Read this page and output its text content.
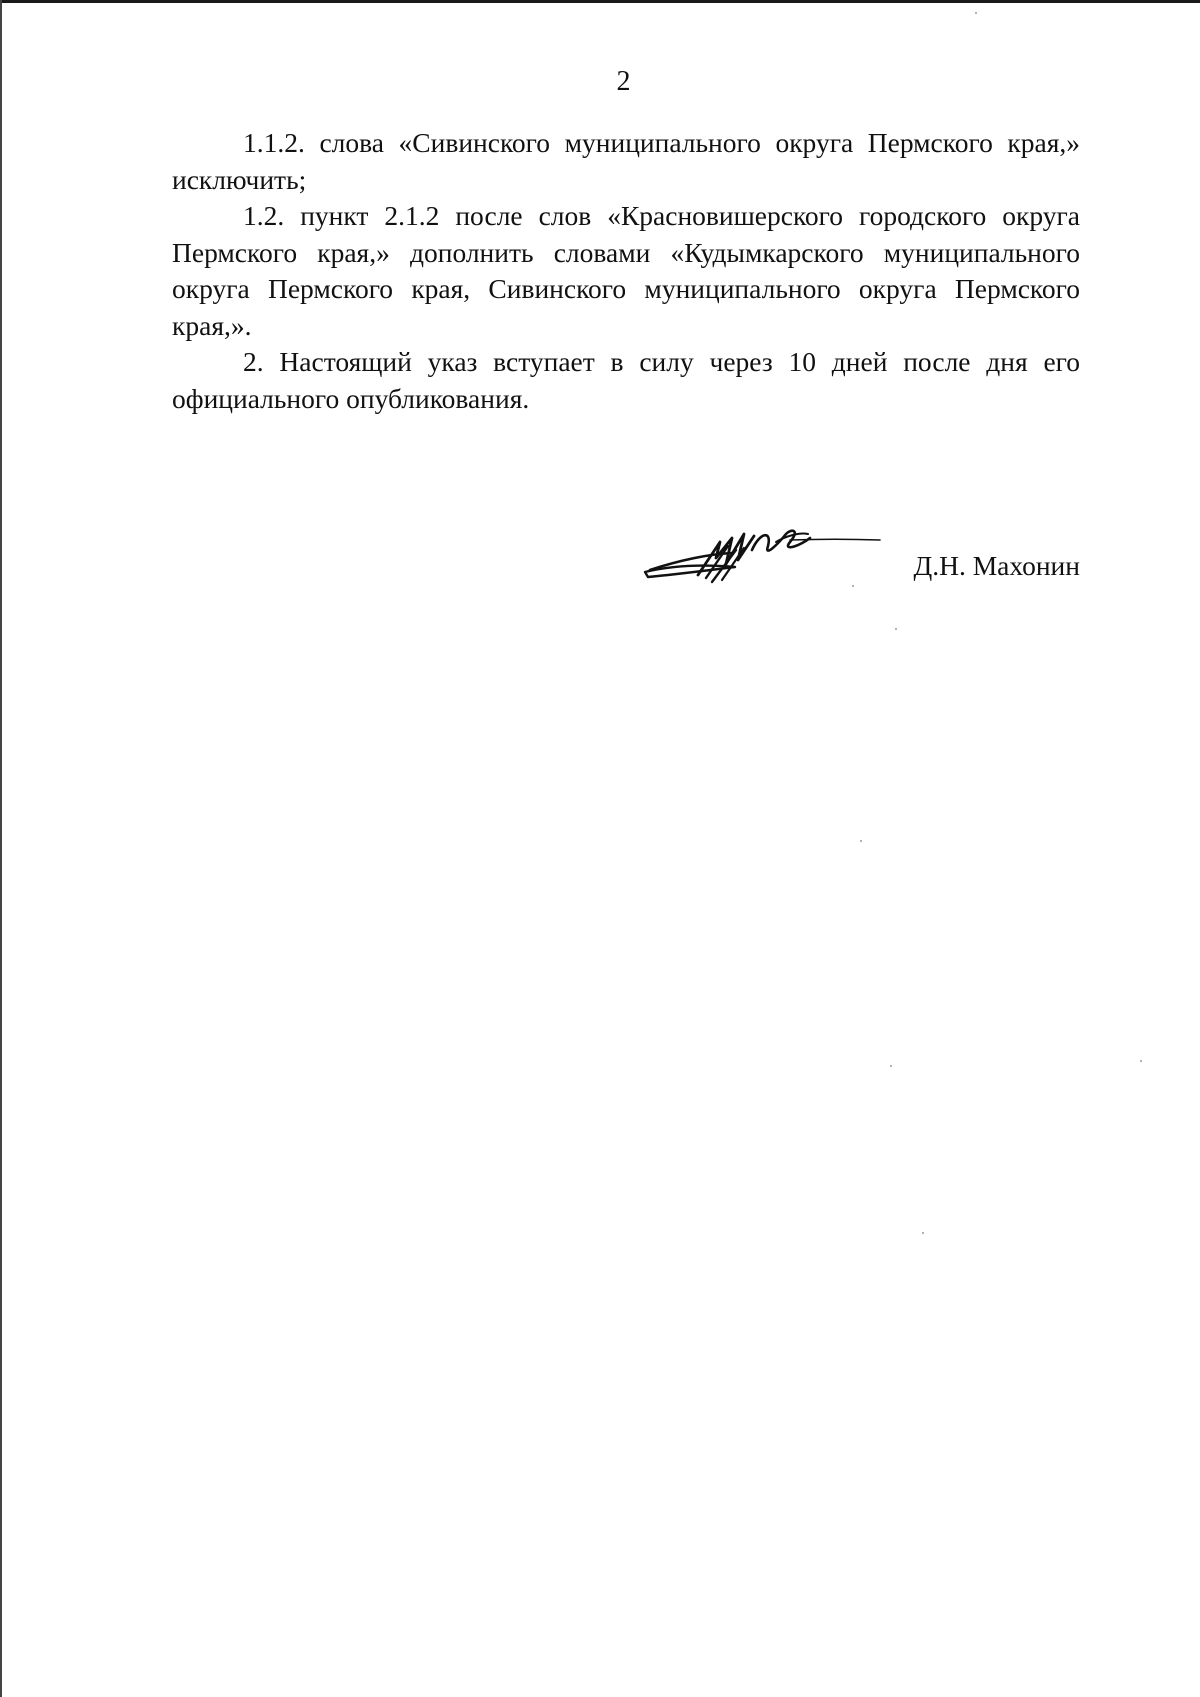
2

1.1.2. слова «Сивинского муниципального округа Пермского края,» исключить;

1.2. пункт 2.1.2 после слов «Красновишерского городского округа Пермского края,» дополнить словами «Кудымкарского муниципального округа Пермского края, Сивинского муниципального округа Пермского края,».

2. Настоящий указ вступает в силу через 10 дней после дня его официального опубликования.

Д.Н. Махонин
